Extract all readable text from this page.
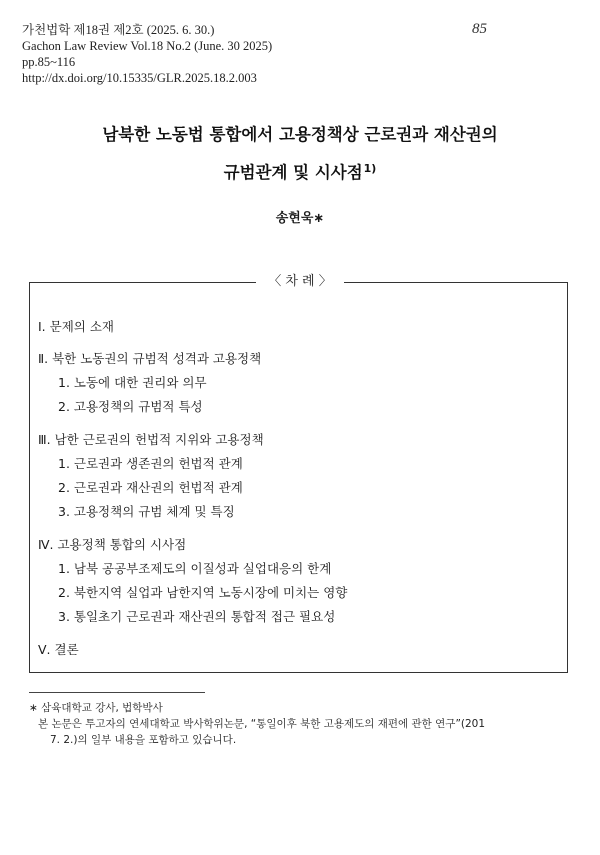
가천법학 제18권 제2호 (2025. 6. 30.)
Gachon Law Review Vol.18 No.2 (June. 30 2025)
pp.85~116
http://dx.doi.org/10.15335/GLR.2025.18.2.003
85
남북한 노동법 통합에서 고용정책상 근로권과 재산권의
규범관계 및 시사점$^{1)}$
송현욱∗
〈 차 례 〉
Ⅰ. 문제의 소재
Ⅱ. 북한 노동권의 규범적 성격과 고용정책
1. 노동에 대한 권리와 의무
2. 고용정책의 규범적 특성
Ⅲ. 남한 근로권의 헌법적 지위와 고용정책
1. 근로권과 생존권의 헌법적 관계
2. 근로권과 재산권의 헌법적 관계
3. 고용정책의 규범 체계 및 특징
Ⅳ. 고용정책 통합의 시사점
1. 남북 공공부조제도의 이질성과 실업대응의 한계
2. 북한지역 실업과 남한지역 노동시장에 미치는 영향
3. 통일초기 근로권과 재산권의 통합적 접근 필요성
Ⅴ. 결론
∗ 삼육대학교 강사, 법학박사
본 논문은 투고자의 연세대학교 박사학위논문, “통일이후 북한 고용제도의 재편에 관한 연구”(201
7. 2.)의 일부 내용을 포함하고 있습니다.
